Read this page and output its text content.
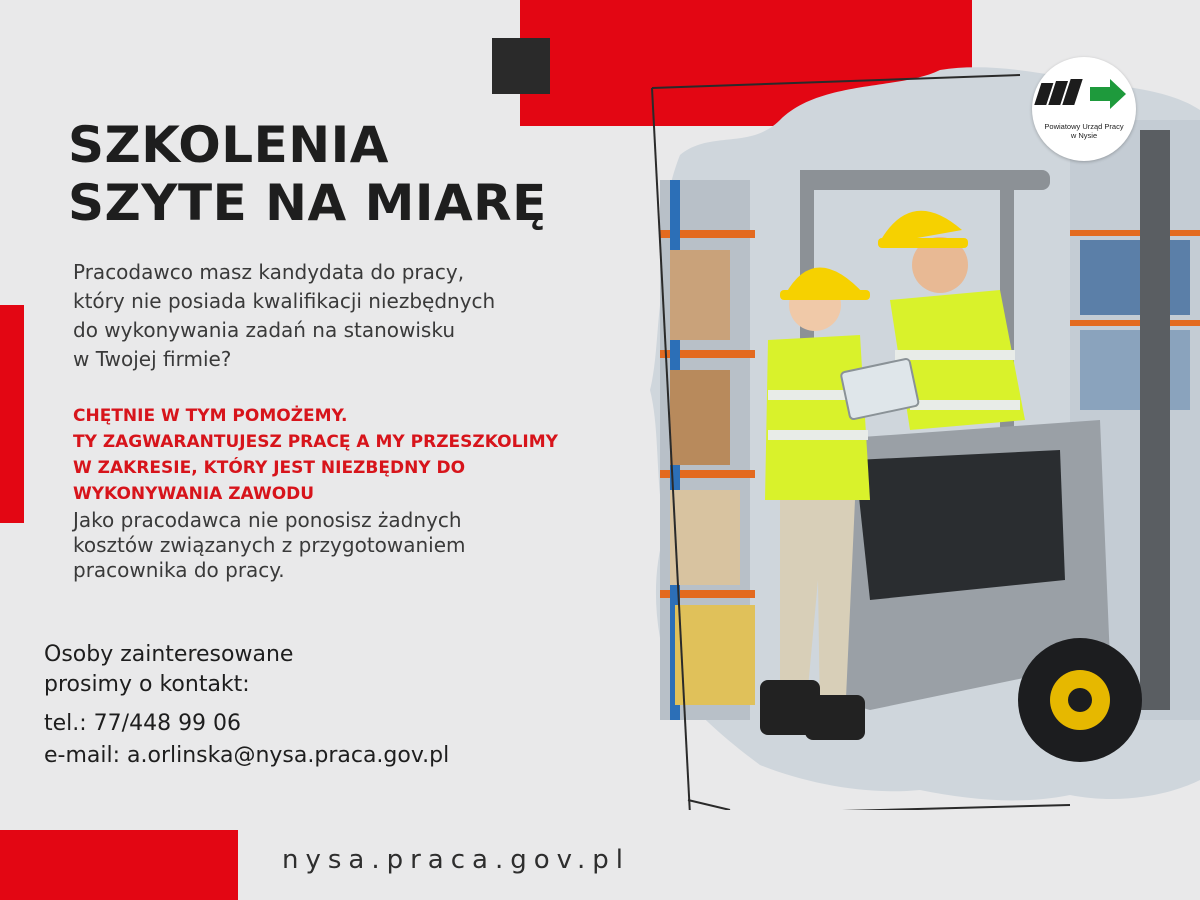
Powiatowy Urząd Pracy
w Nysie
SZKOLENIA
SZYTE NA MIARĘ
Pracodawco masz kandydata do pracy,
który nie posiada kwalifikacji niezbędnych
do wykonywania zadań na stanowisku
w Twojej firmie?
CHĘTNIE W TYM POMOŻEMY.
TY ZAGWARANTUJESZ PRACĘ A MY PRZESZKOLIMY
W ZAKRESIE, KTÓRY JEST NIEZBĘDNY DO
WYKONYWANIA ZAWODU
Jako pracodawca nie ponosisz żadnych
kosztów związanych z przygotowaniem
pracownika do pracy.
Osoby zainteresowane
prosimy o kontakt:
tel.: 77/448 99 06
e-mail: a.orlinska@nysa.praca.gov.pl
nysa.praca.gov.pl
